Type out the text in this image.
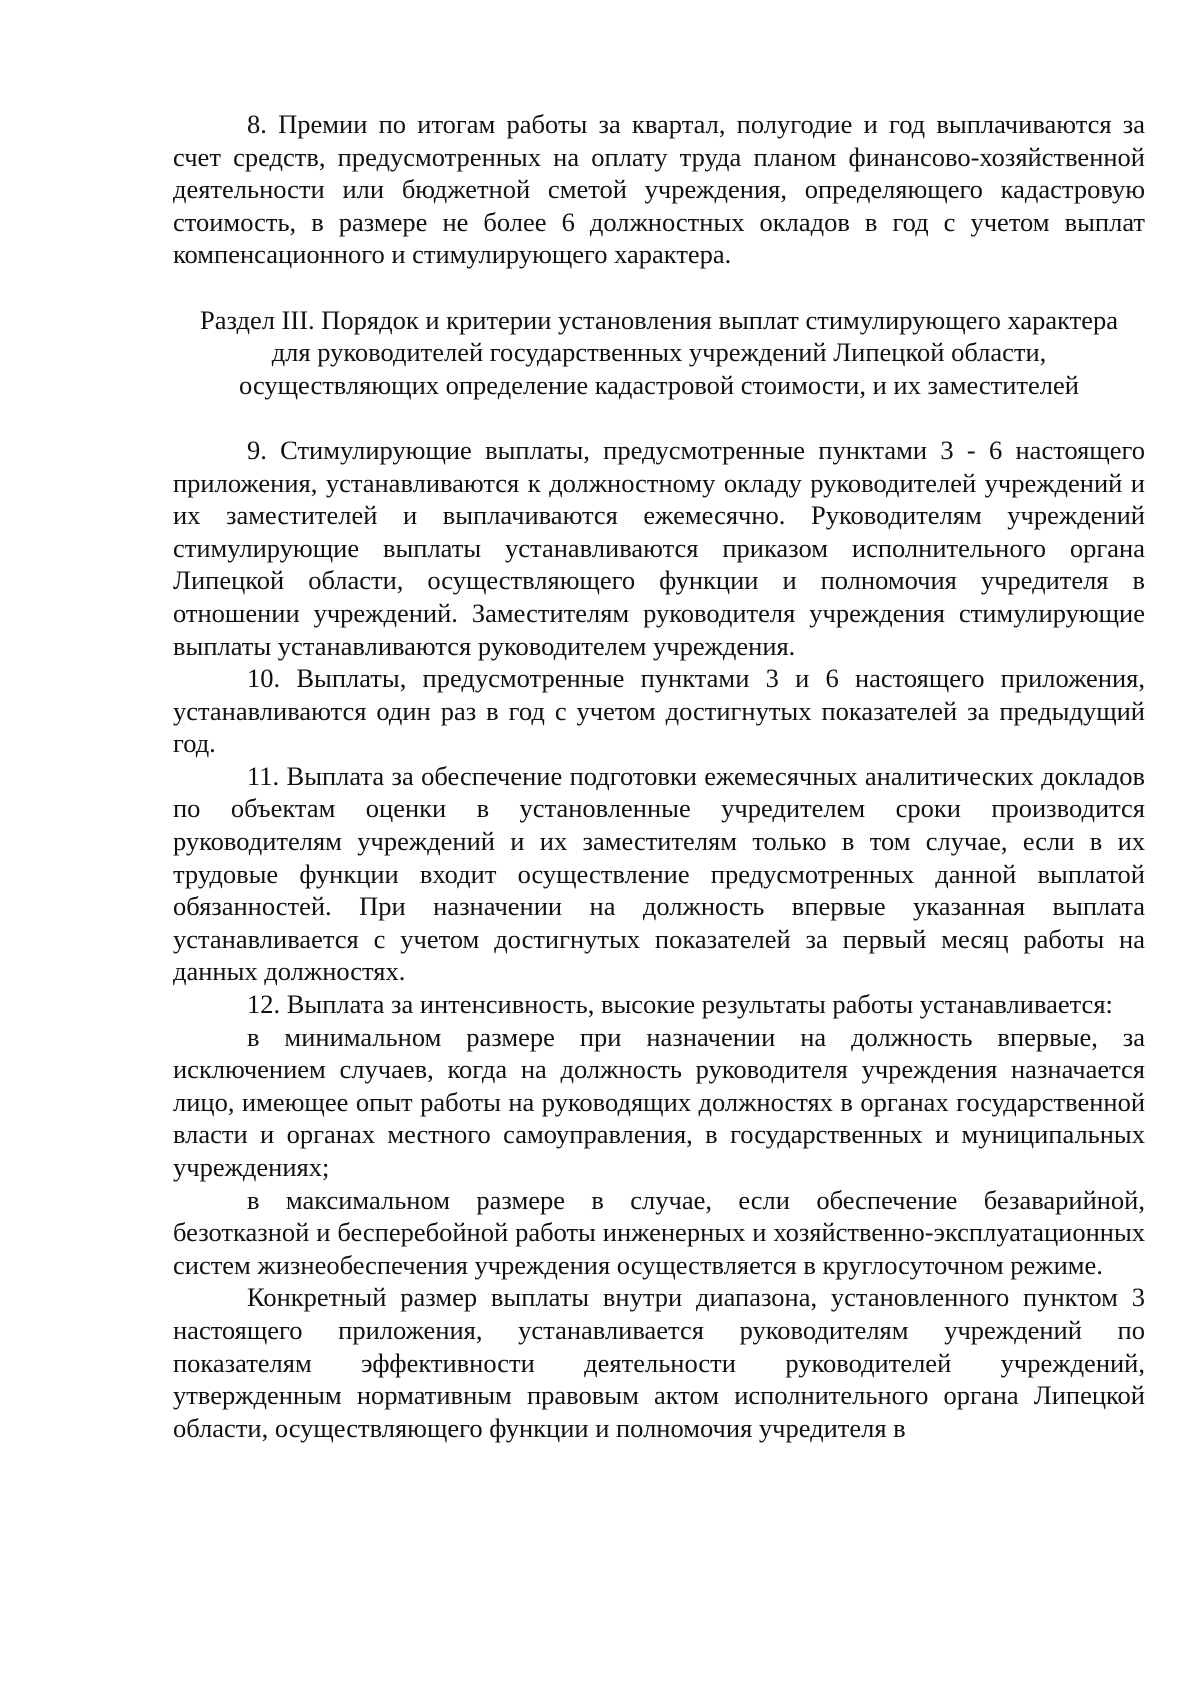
8. Премии по итогам работы за квартал, полугодие и год выплачиваются за счет средств, предусмотренных на оплату труда планом финансово-хозяйственной деятельности или бюджетной сметой учреждения, определяющего кадастровую стоимость, в размере не более 6 должностных окладов в год с учетом выплат компенсационного и стимулирующего характера.

Раздел III. Порядок и критерии установления выплат стимулирующего характера для руководителей государственных учреждений Липецкой области, осуществляющих определение кадастровой стоимости, и их заместителей

9. Стимулирующие выплаты, предусмотренные пунктами 3 - 6 настоящего приложения, устанавливаются к должностному окладу руководителей учреждений и их заместителей и выплачиваются ежемесячно. Руководителям учреждений стимулирующие выплаты устанавливаются приказом исполнительного органа Липецкой области, осуществляющего функции и полномочия учредителя в отношении учреждений. Заместителям руководителя учреждения стимулирующие выплаты устанавливаются руководителем учреждения.

10. Выплаты, предусмотренные пунктами 3 и 6 настоящего приложения, устанавливаются один раз в год с учетом достигнутых показателей за предыдущий год.

11. Выплата за обеспечение подготовки ежемесячных аналитических докладов по объектам оценки в установленные учредителем сроки производится руководителям учреждений и их заместителям только в том случае, если в их трудовые функции входит осуществление предусмотренных данной выплатой обязанностей. При назначении на должность впервые указанная выплата устанавливается с учетом достигнутых показателей за первый месяц работы на данных должностях.

12. Выплата за интенсивность, высокие результаты работы устанавливается:

в минимальном размере при назначении на должность впервые, за исключением случаев, когда на должность руководителя учреждения назначается лицо, имеющее опыт работы на руководящих должностях в органах государственной власти и органах местного самоуправления, в государственных и муниципальных учреждениях;

в максимальном размере в случае, если обеспечение безаварийной, безотказной и бесперебойной работы инженерных и хозяйственно-эксплуатационных систем жизнеобеспечения учреждения осуществляется в круглосуточном режиме.

Конкретный размер выплаты внутри диапазона, установленного пунктом 3 настоящего приложения, устанавливается руководителям учреждений по показателям эффективности деятельности руководителей учреждений, утвержденным нормативным правовым актом исполнительного органа Липецкой области, осуществляющего функции и полномочия учредителя в
